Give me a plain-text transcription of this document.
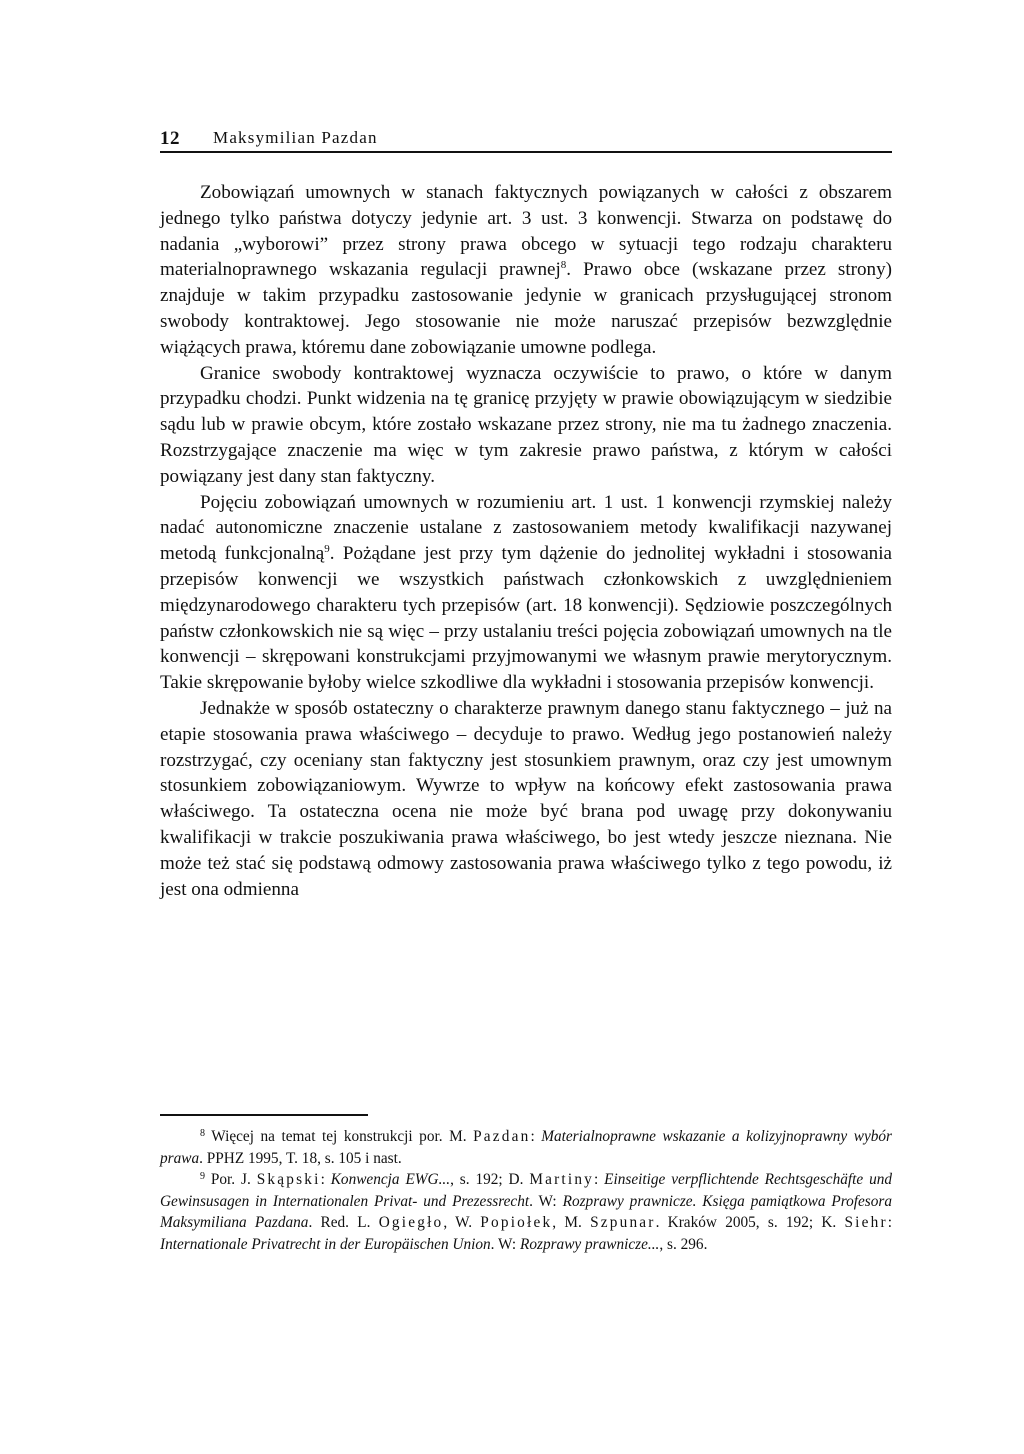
12	Maksymilian Pazdan

Zobowiązań umownych w stanach faktycznych powiązanych w całości z obszarem jednego tylko państwa dotyczy jedynie art. 3 ust. 3 konwencji. Stwarza on podstawę do nadania „wyborowi” przez strony prawa obcego w sytuacji tego rodzaju charakteru materialnoprawnego wskazania regulacji prawnej$^8$. Prawo obce (wskazane przez strony) znajduje w takim przypadku zastosowanie jedynie w granicach przysługującej stronom swobody kontraktowej. Jego stosowanie nie może naruszać przepisów bezwzględnie wiążących prawa, któremu dane zobowiązanie umowne podlega.

Granice swobody kontraktowej wyznacza oczywiście to prawo, o które w danym przypadku chodzi. Punkt widzenia na tę granicę przyjęty w prawie obowiązującym w siedzibie sądu lub w prawie obcym, które zostało wskazane przez strony, nie ma tu żadnego znaczenia. Rozstrzygające znaczenie ma więc w tym zakresie prawo państwa, z którym w całości powiązany jest dany stan faktyczny.

Pojęciu zobowiązań umownych w rozumieniu art. 1 ust. 1 konwencji rzymskiej należy nadać autonomiczne znaczenie ustalane z zastosowaniem metody kwalifikacji nazywanej metodą funkcjonalną$^9$. Pożądane jest przy tym dążenie do jednolitej wykładni i stosowania przepisów konwencji we wszystkich państwach członkowskich z uwzględnieniem międzynarodowego charakteru tych przepisów (art. 18 konwencji). Sędziowie poszczególnych państw członkowskich nie są więc – przy ustalaniu treści pojęcia zobowiązań umownych na tle konwencji – skrępowani konstrukcjami przyjmowanymi we własnym prawie merytorycznym. Takie skrępowanie byłoby wielce szkodliwe dla wykładni i stosowania przepisów konwencji.

Jednakże w sposób ostateczny o charakterze prawnym danego stanu faktycznego – już na etapie stosowania prawa właściwego – decyduje to prawo. Według jego postanowień należy rozstrzygać, czy oceniany stan faktyczny jest stosunkiem prawnym, oraz czy jest umownym stosunkiem zobowiązaniowym. Wywrze to wpływ na końcowy efekt zastosowania prawa właściwego. Ta ostateczna ocena nie może być brana pod uwagę przy dokonywaniu kwalifikacji w trakcie poszukiwania prawa właściwego, bo jest wtedy jeszcze nieznana. Nie może też stać się podstawą odmowy zastosowania prawa właściwego tylko z tego powodu, iż jest ona odmienna

$^8$ Więcej na temat tej konstrukcji por. M. Pazdan: Materialnoprawne wskazanie a kolizyjnoprawny wybór prawa. PPHZ 1995, T. 18, s. 105 i nast.

$^9$ Por. J. Skąpski: Konwencja EWG..., s. 192; D. Martiny: Einseitige verpflichtende Rechtsgeschäfte und Gewinsusagen in Internationalen Privat- und Prezessrecht. W: Rozprawy prawnicze. Księga pamiątkowa Profesora Maksymiliana Pazdana. Red. L. Ogiegło, W. Popiołek, M. Szpunar. Kraków 2005, s. 192; K. Siehr: Internationale Privatrecht in der Europäischen Union. W: Rozprawy prawnicze..., s. 296.
